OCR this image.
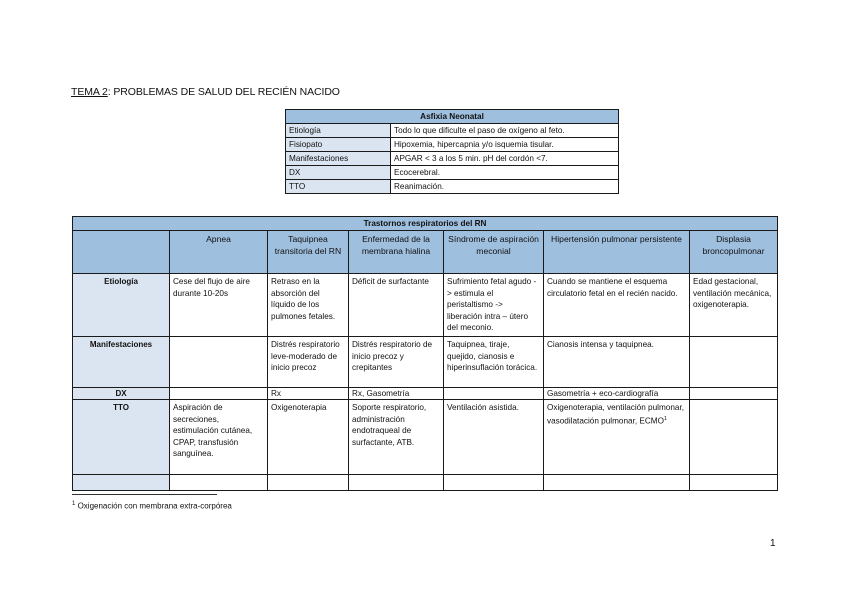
TEMA 2: PROBLEMAS DE SALUD DEL RECIÉN NACIDO
Asfixia Neonatal	
Etiología	Todo lo que dificulte el paso de oxígeno al feto.
Fisiopato	Hipoxemia, hipercapnia y/o isquemia tisular.
Manifestaciones	APGAR < 3 a los 5 min. pH del cordón <7.
DX	Ecocerebral.
TTO	Reanimación.
Trastornos respiratorios del RN						
	Apnea	Taquipnea transitoria del RN	Enfermedad de la membrana hialina	Síndrome de aspiración meconial	Hipertensión pulmonar persistente	Displasia broncopulmonar
Etiología	Cese del flujo de aire durante 10-20s	Retraso en la absorción del líquido de los pulmones fetales.	Déficit de surfactante	Sufrimiento fetal agudo -> estimula el peristaltismo -> liberación intra – útero del meconio.	Cuando se mantiene el esquema circulatorio fetal en el recién nacido.	Edad gestacional, ventilación mecánica, oxigenoterapia.
Manifestaciones		Distrés respiratorio leve-moderado de inicio precoz	Distrés respiratorio de inicio precoz y crepitantes	Taquipnea, tiraje, quejido, cianosis e hiperinsuflación torácica.	Cianosis intensa y taquipnea.	
DX		Rx	Rx, Gasometría		Gasometría + eco-cardiografía	
TTO	Aspiración de secreciones, estimulación cutánea, CPAP, transfusión sanguínea.	Oxigenoterapia	Soporte respiratorio, administración endotraqueal de surfactante, ATB.	Ventilación asistida.	Oxigenoterapia, ventilación pulmonar, vasodilatación pulmonar, ECMO$^1$	

$^1$ Oxigenación con membrana extra-corpórea
1
